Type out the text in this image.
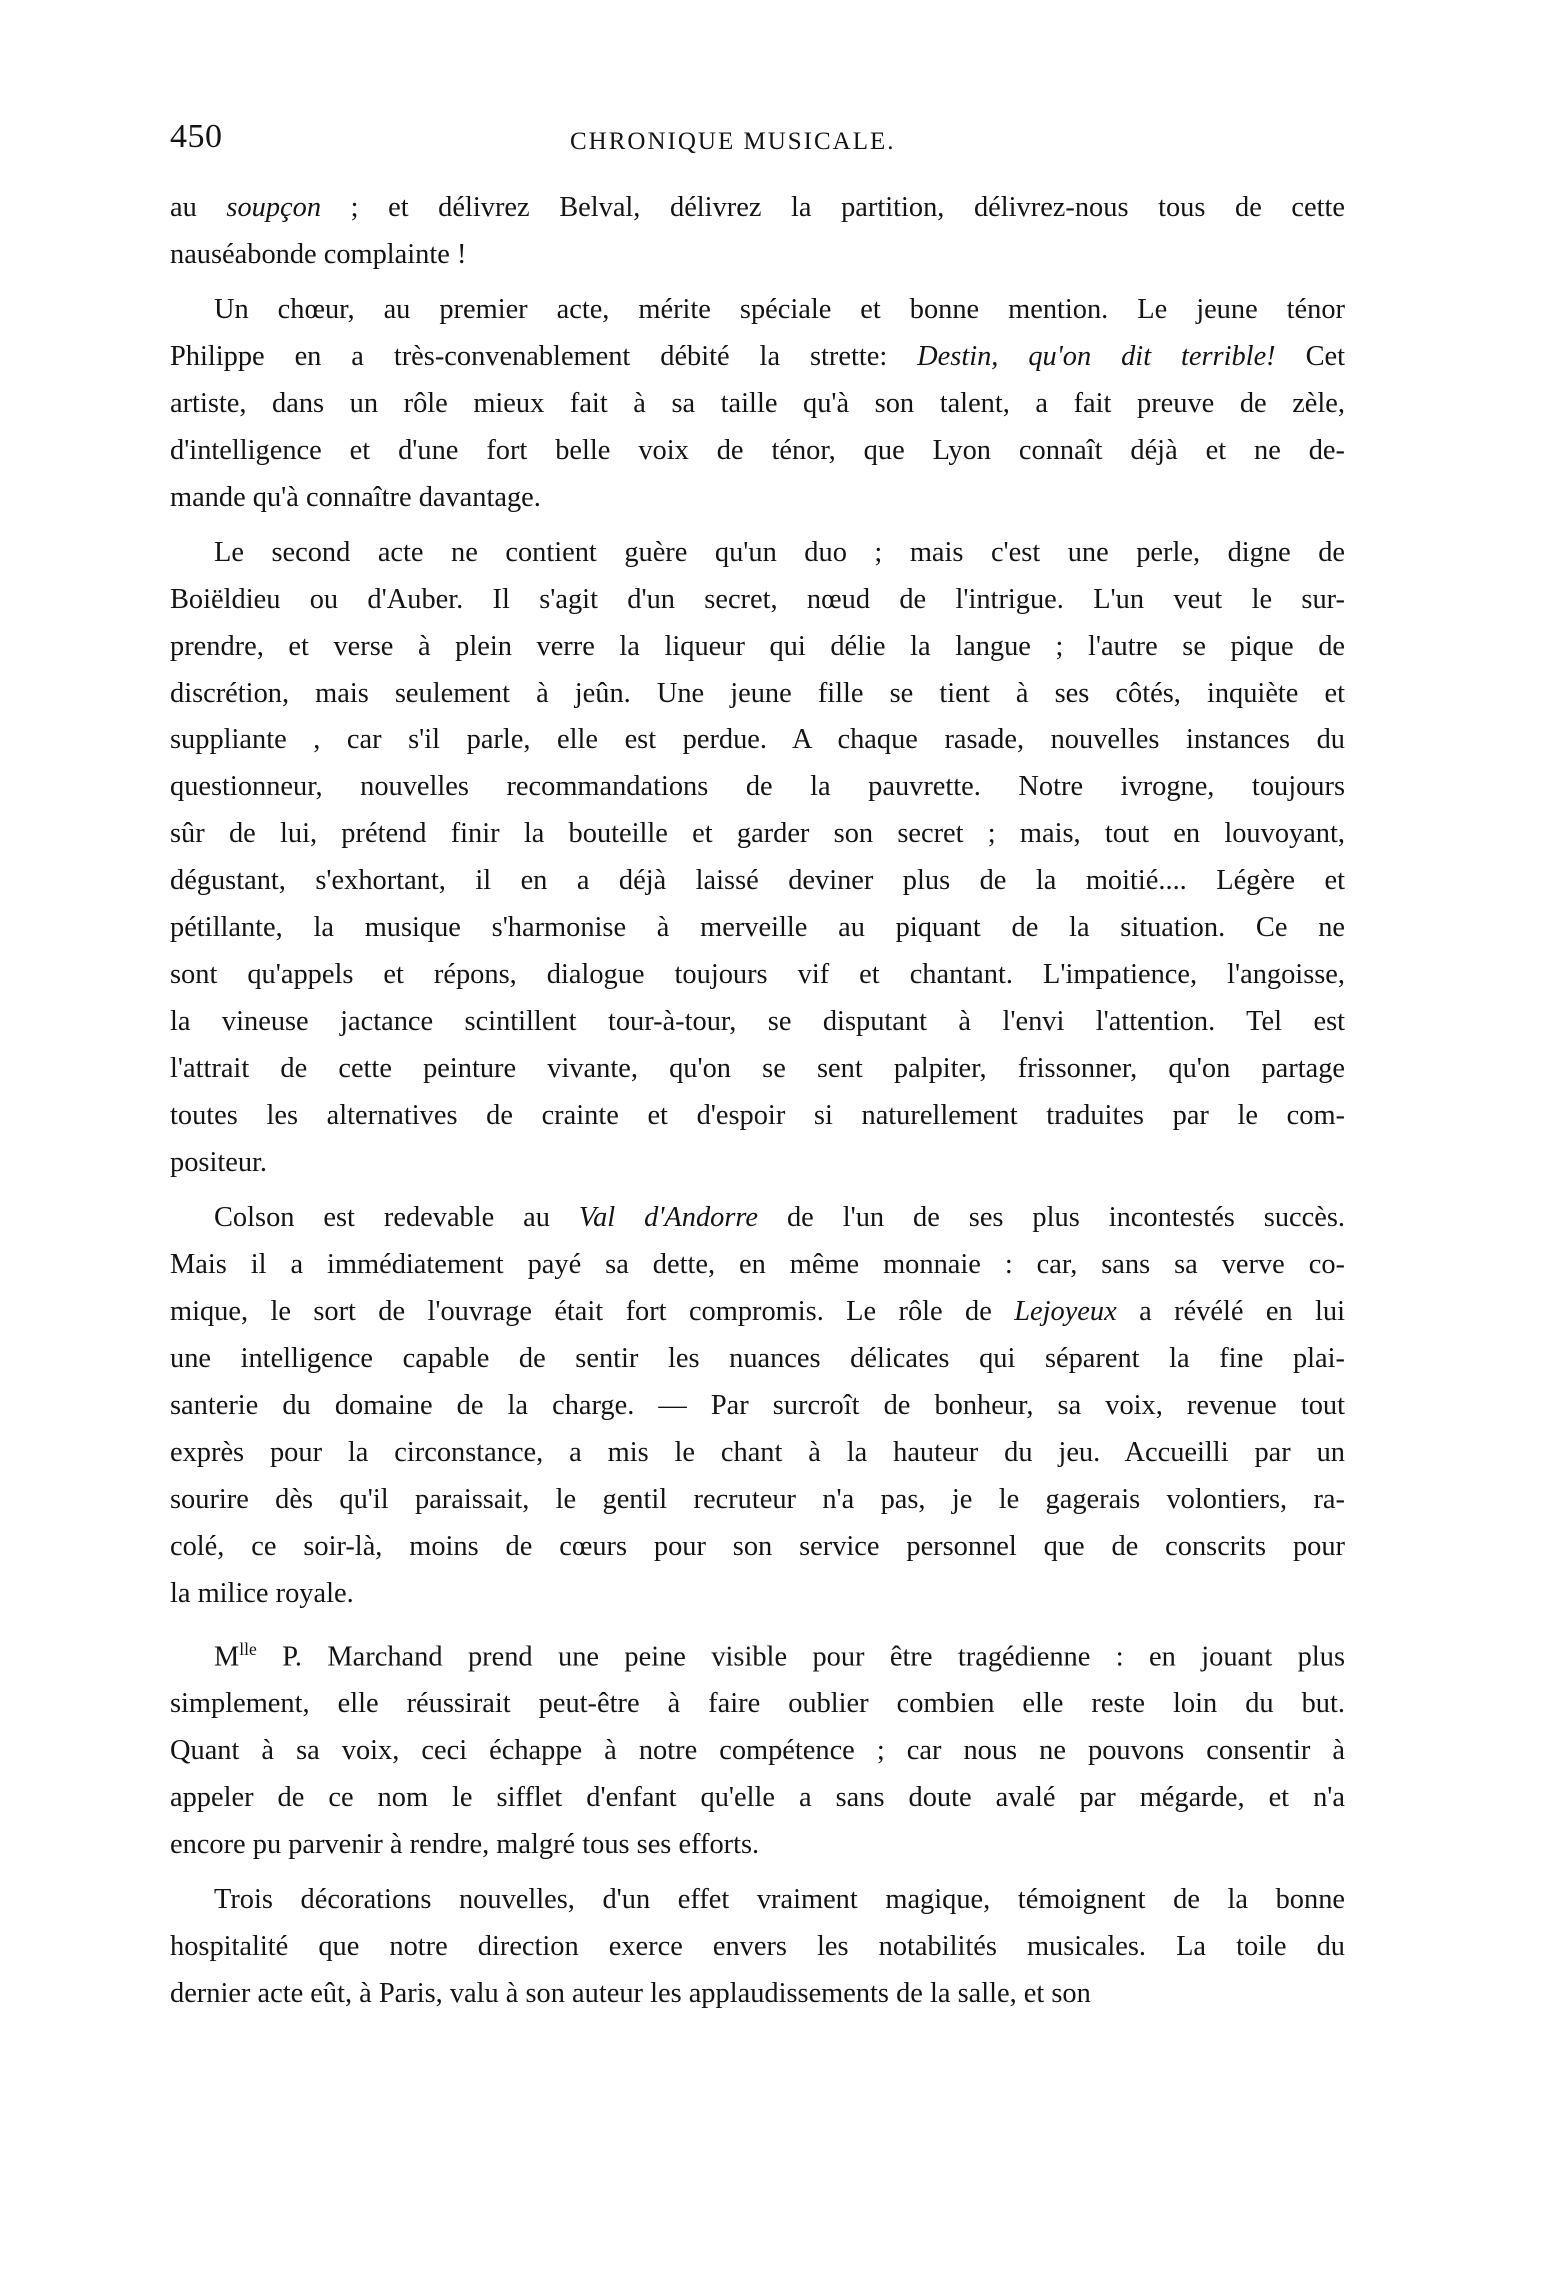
450	CHRONIQUE MUSICALE.
au soupçon ; et délivrez Belval, délivrez la partition, délivrez-nous tous de cette
nauséabonde complainte !
Un chœur, au premier acte, mérite spéciale et bonne mention. Le jeune ténor
Philippe en a très-convenablement débité la strette: Destin, qu'on dit terrible! Cet
artiste, dans un rôle mieux fait à sa taille qu'à son talent, a fait preuve de zèle,
d'intelligence et d'une fort belle voix de ténor, que Lyon connaît déjà et ne de-
mande qu'à connaître davantage.
Le second acte ne contient guère qu'un duo ; mais c'est une perle, digne de
Boiëldieu ou d'Auber. Il s'agit d'un secret, nœud de l'intrigue. L'un veut le sur-
prendre, et verse à plein verre la liqueur qui délie la langue ; l'autre se pique de
discrétion, mais seulement à jeûn. Une jeune fille se tient à ses côtés, inquiète et
suppliante , car s'il parle, elle est perdue. A chaque rasade, nouvelles instances du
questionneur, nouvelles recommandations de la pauvrette. Notre ivrogne, toujours
sûr de lui, prétend finir la bouteille et garder son secret ; mais, tout en louvoyant,
dégustant, s'exhortant, il en a déjà laissé deviner plus de la moitié.... Légère et
pétillante, la musique s'harmonise à merveille au piquant de la situation. Ce ne
sont qu'appels et répons, dialogue toujours vif et chantant. L'impatience, l'angoisse,
la vineuse jactance scintillent tour-à-tour, se disputant à l'envi l'attention. Tel est
l'attrait de cette peinture vivante, qu'on se sent palpiter, frissonner, qu'on partage
toutes les alternatives de crainte et d'espoir si naturellement traduites par le com-
positeur.
Colson est redevable au Val d'Andorre de l'un de ses plus incontestés succès.
Mais il a immédiatement payé sa dette, en même monnaie : car, sans sa verve co-
mique, le sort de l'ouvrage était fort compromis. Le rôle de Lejoyeux a révélé en lui
une intelligence capable de sentir les nuances délicates qui séparent la fine plai-
santerie du domaine de la charge. — Par surcroît de bonheur, sa voix, revenue tout
exprès pour la circonstance, a mis le chant à la hauteur du jeu. Accueilli par un
sourire dès qu'il paraissait, le gentil recruteur n'a pas, je le gagerais volontiers, ra-
colé, ce soir-là, moins de cœurs pour son service personnel que de conscrits pour
la milice royale.
$M^{lle}$ P. Marchand prend une peine visible pour être tragédienne : en jouant plus
simplement, elle réussirait peut-être à faire oublier combien elle reste loin du but.
Quant à sa voix, ceci échappe à notre compétence ; car nous ne pouvons consentir à
appeler de ce nom le sifflet d'enfant qu'elle a sans doute avalé par mégarde, et n'a
encore pu parvenir à rendre, malgré tous ses efforts.
Trois décorations nouvelles, d'un effet vraiment magique, témoignent de la bonne
hospitalité que notre direction exerce envers les notabilités musicales. La toile du
dernier acte eût, à Paris, valu à son auteur les applaudissements de la salle, et son
